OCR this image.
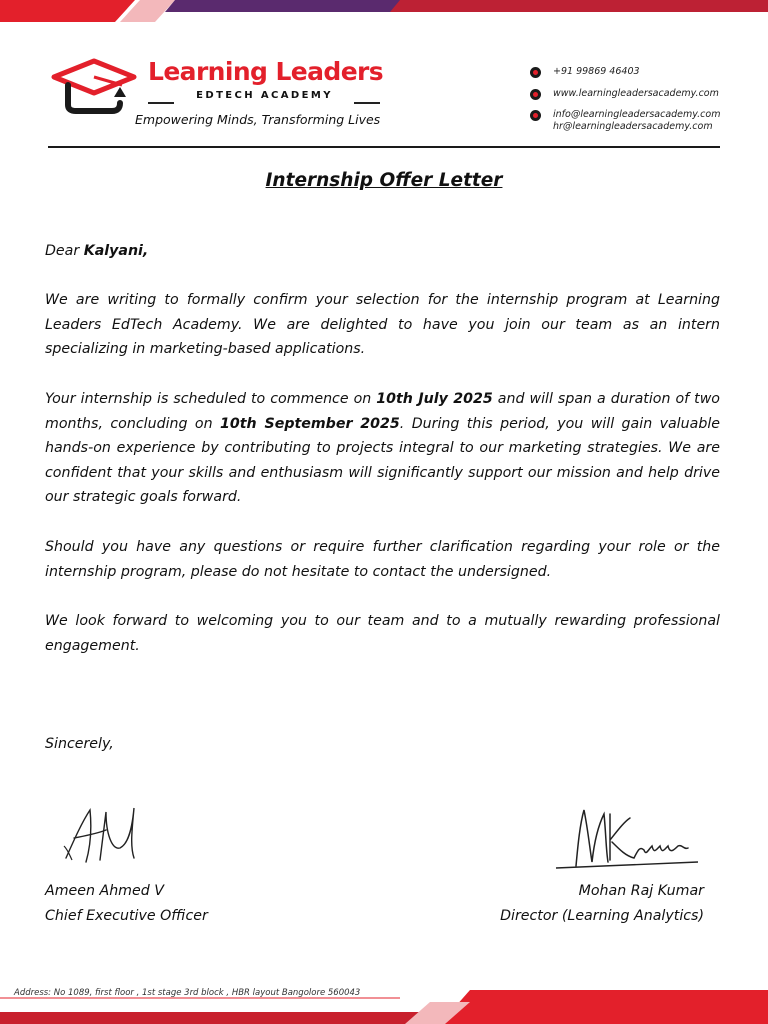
Learning Leaders
EDTECH ACADEMY
Empowering Minds, Transforming Lives
+91 99869 46403
www.learningleadersacademy.com
info@learningleadersacademy.com
hr@learningleadersacademy.com
Internship Offer Letter
Dear Kalyani,
We are writing to formally confirm your selection for the internship program at Learning Leaders EdTech Academy. We are delighted to have you join our team as an intern specializing in marketing-based applications.
Your internship is scheduled to commence on 10th July 2025 and will span a duration of two months, concluding on 10th September 2025. During this period, you will gain valuable hands-on experience by contributing to projects integral to our marketing strategies. We are confident that your skills and enthusiasm will significantly support our mission and help drive our strategic goals forward.
Should you have any questions or require further clarification regarding your role or the internship program, please do not hesitate to contact the undersigned.
We look forward to welcoming you to our team and to a mutually rewarding professional engagement.
Sincerely,
Ameen Ahmed V
Chief Executive Officer
Mohan Raj Kumar
Director (Learning Analytics)
Address: No 1089, first floor , 1st stage 3rd block , HBR layout Bangolore 560043
